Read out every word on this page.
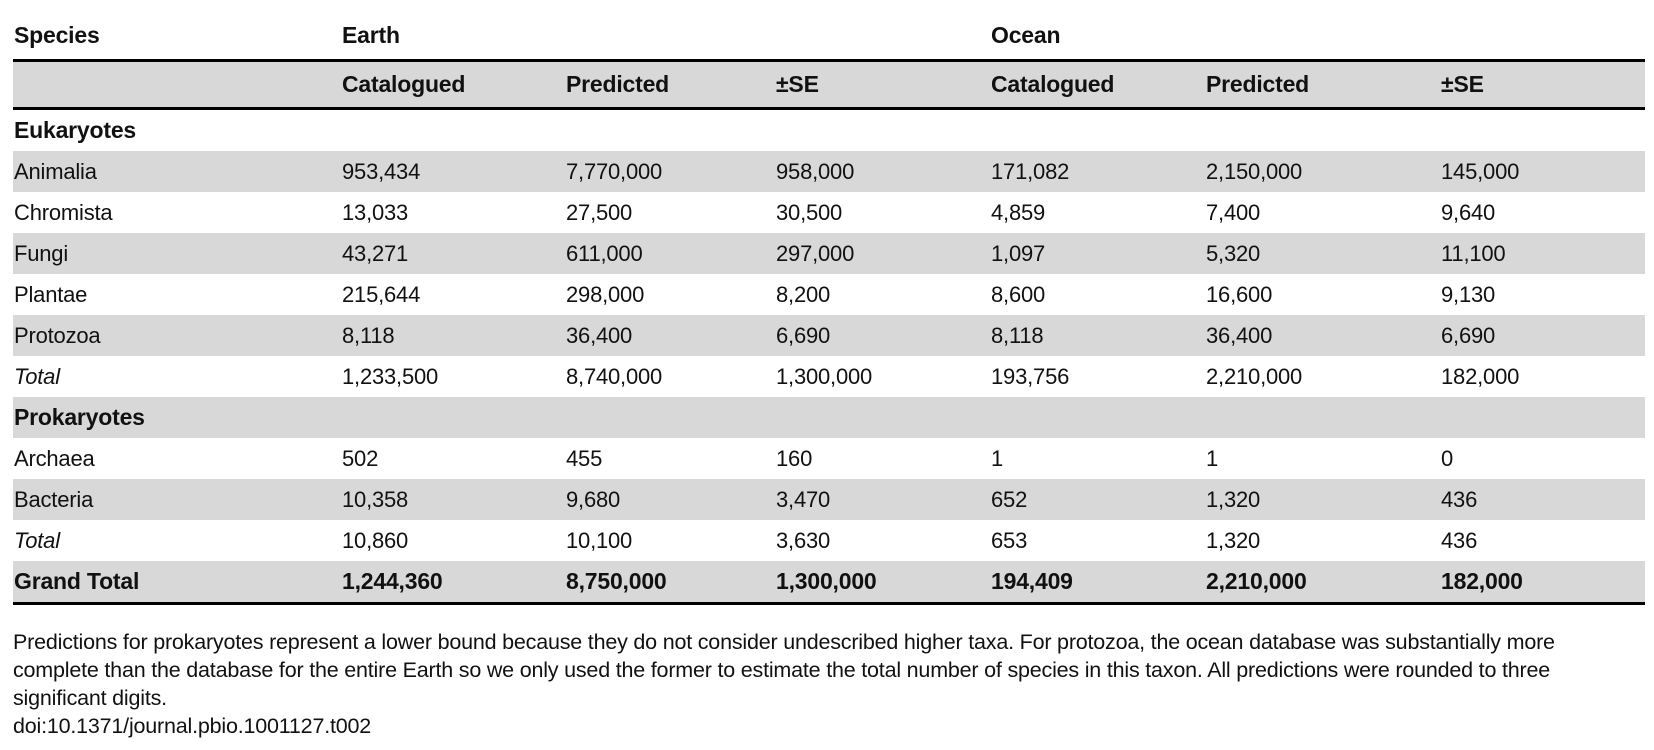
Species	Earth			Ocean		
	Catalogued	Predicted	±SE	Catalogued	Predicted	±SE
Eukaryotes						
Animalia	953,434	7,770,000	958,000	171,082	2,150,000	145,000
Chromista	13,033	27,500	30,500	4,859	7,400	9,640
Fungi	43,271	611,000	297,000	1,097	5,320	11,100
Plantae	215,644	298,000	8,200	8,600	16,600	9,130
Protozoa	8,118	36,400	6,690	8,118	36,400	6,690
Total	1,233,500	8,740,000	1,300,000	193,756	2,210,000	182,000
Prokaryotes						
Archaea	502	455	160	1	1	0
Bacteria	10,358	9,680	3,470	652	1,320	436
Total	10,860	10,100	3,630	653	1,320	436
Grand Total	1,244,360	8,750,000	1,300,000	194,409	2,210,000	182,000
Predictions for prokaryotes represent a lower bound because they do not consider undescribed higher taxa. For protozoa, the ocean database was substantially more complete than the database for the entire Earth so we only used the former to estimate the total number of species in this taxon. All predictions were rounded to three significant digits.
doi:10.1371/journal.pbio.1001127.t002
